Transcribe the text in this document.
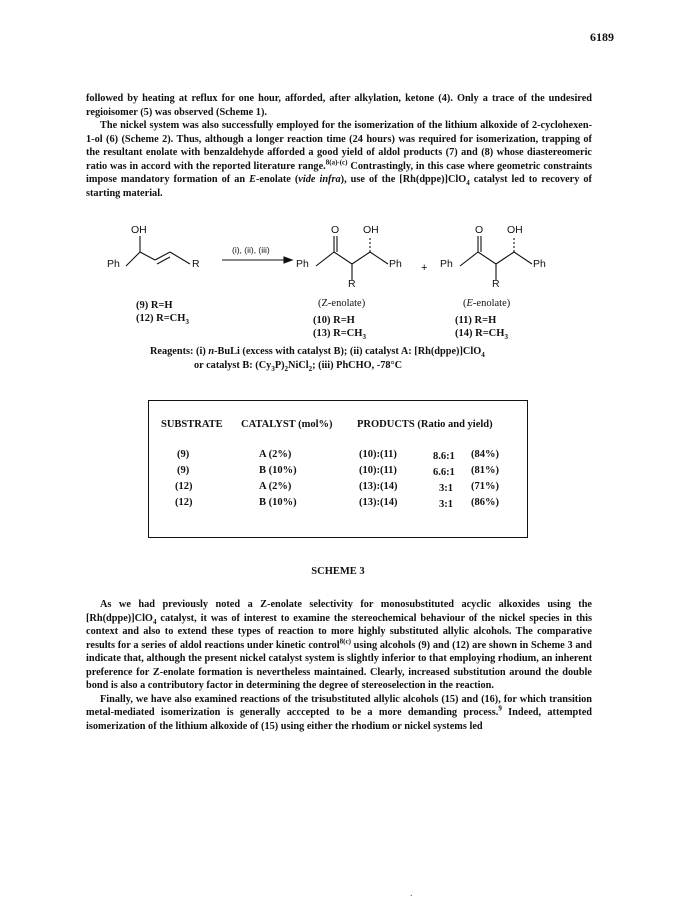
6189

followed by heating at reflux for one hour, afforded, after alkylation, ketone (4). Only a trace of the undesired regioisomer (5) was observed (Scheme 1).

The nickel system was also successfully employed for the isomerization of the lithium alkoxide of 2-cyclohexen-1-ol (6) (Scheme 2). Thus, although a longer reaction time (24 hours) was required for isomerization, trapping of the resultant enolate with benzaldehyde afforded a good yield of aldol products (7) and (8) whose diastereomeric ratio was in accord with the reported literature range.$^{8(a)-(c)}$ Contrastingly, in this case where geometric constraints impose mandatory formation of an E-enolate (vide infra), use of the [Rh(dppe)]ClO$_4$ catalyst led to recovery of starting material.

OH
Ph	R
(i), (ii), (iii)
O OH
Ph	Ph
R
+
O OH
Ph	Ph
R
(9) R=H
(12) $R=CH_3$
(Z-enolate)
(10) R=H
(13) $R=CH_3$
(E-enolate)
(11) R=H
(14) $R=CH_3$
Reagents: (i) n-BuLi (excess with catalyst B); (ii) catalyst A: [Rh(dppe)]ClO$_4$
or catalyst B: $(Cy_3P)_2NiCl_2$; (iii) PhCHO, -78°C
SUBSTRATE CATALYST (mol%) PRODUCTS (Ratio and yield)
(9)	A (2%)	(10):(11)	8.6:1 (84%)
(9)	B (10%)	(10):(11)	6.6:1 (81%)
(12)	A (2%)	(13):(14)	3:1 (71%)
(12)	B (10%)	(13):(14)	3:1 (86%)
SCHEME 3

As we had previously noted a Z-enolate selectivity for monosubstituted acyclic alkoxides using the [Rh(dppe)]ClO$_4$ catalyst, it was of interest to examine the stereochemical behaviour of the nickel species in this context and also to extend these types of reaction to more highly substituted allylic alcohols. The comparative results for a series of aldol reactions under kinetic control$^{8(c)}$ using alcohols (9) and (12) are shown in Scheme 3 and indicate that, although the present nickel catalyst system is slightly inferior to that employing rhodium, an inherent preference for Z-enolate formation is nevertheless maintained. Clearly, increased substitution around the double bond is also a contributory factor in determining the degree of stereoselection in the reaction.

Finally, we have also examined reactions of the trisubstituted allylic alcohols (15) and (16), for which transition metal-mediated isomerization is generally acccepted to be a more demanding process.$^9$ Indeed, attempted isomerization of the lithium alkoxide of (15) using either the rhodium or nickel systems led

.
